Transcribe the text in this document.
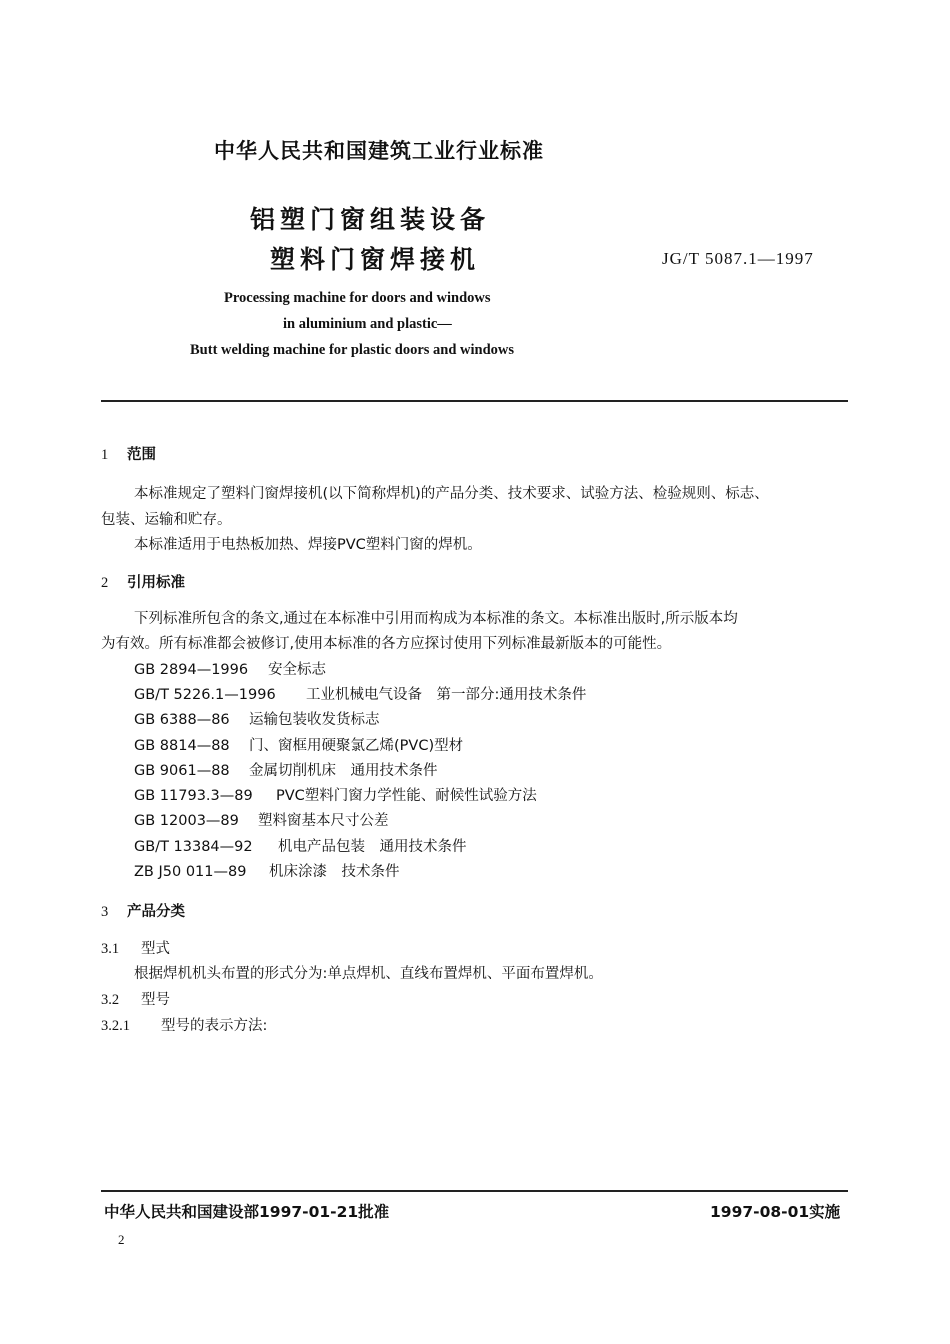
中华人民共和国建筑工业行业标准
铝塑门窗组装设备
塑料门窗焊接机	JG/T 5087.1—1997
Processing machine for doors and windows
in aluminium and plastic—
Butt welding machine for plastic doors and windows
1 范围
本标准规定了塑料门窗焊接机(以下简称焊机)的产品分类、技术要求、试验方法、检验规则、标志、
包装、运输和贮存。
本标准适用于电热板加热、焊接PVC塑料门窗的焊机。
2 引用标准
下列标准所包含的条文,通过在本标准中引用而构成为本标准的条文。本标准出版时,所示版本均
为有效。所有标准都会被修订,使用本标准的各方应探讨使用下列标准最新版本的可能性。
GB 2894—1996 安全标志
GB/T 5226.1—1996 工业机械电气设备　第一部分:通用技术条件
GB 6388—86 运输包装收发货标志
GB 8814—88 门、窗框用硬聚氯乙烯(PVC)型材
GB 9061—88 金属切削机床　通用技术条件
GB 11793.3—89 PVC塑料门窗力学性能、耐候性试验方法
GB 12003—89 塑料窗基本尺寸公差
GB/T 13384—92 机电产品包装　通用技术条件
ZB J50 011—89 机床涂漆　技术条件
3 产品分类
3.1 型式
根据焊机机头布置的形式分为:单点焊机、直线布置焊机、平面布置焊机。
3.2 型号
3.2.1 型号的表示方法:
中华人民共和国建设部1997-01-21批准	1997-08-01实施
2
